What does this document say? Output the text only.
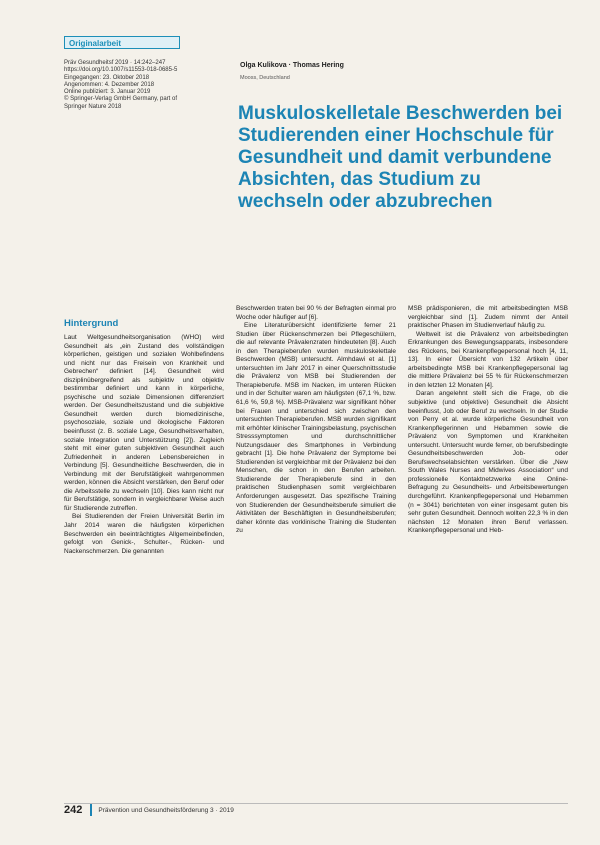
Originalarbeit
Präv Gesundheitsf 2019 · 14:242–247
https://doi.org/10.1007/s11553-018-0685-5
Eingegangen: 23. Oktober 2018
Angenommen: 4. Dezember 2018
Online publiziert: 3. Januar 2019
© Springer-Verlag GmbH Germany, part of
Springer Nature 2018
Olga Kulikova · Thomas Hering
Mooss, Deutschland
Muskuloskelletale Beschwerden bei Studierenden einer Hochschule für Gesundheit und damit verbundene Absichten, das Studium zu wechseln oder abzubrechen
Hintergrund

Laut Weltgesundheitsorganisation (WHO) wird Gesundheit als „ein Zustand des vollständigen körperlichen, geistigen und sozialen Wohlbefindens und nicht nur das Freisein von Krankheit und Gebrechen“ definiert [14]. Gesundheit wird disziplinübergreifend als subjektiv und objektiv bestimmbar definiert und kann in körperliche, psychische und soziale Dimensionen differenziert werden. Der Gesundheitszustand und die subjektive Gesundheit werden durch biomedizinische, psychosoziale, soziale und ökologische Faktoren beeinflusst (z. B. soziale Lage, Gesundheitsverhalten, soziale Integration und Unterstützung [2]). Zugleich steht mit einer guten subjektiven Gesundheit auch Zufriedenheit in anderen Lebensbereichen in Verbindung [5]. Gesundheitliche Beschwerden, die in Verbindung mit der Berufstätigkeit wahrgenommen werden, können die Absicht verstärken, den Beruf oder die Arbeitsstelle zu wechseln [10]. Dies kann nicht nur für Berufstätige, sondern in vergleichbarer Weise auch für Studierende zutreffen.

Bei Studierenden der Freien Universität Berlin im Jahr 2014 waren die häufigsten körperlichen Beschwerden ein beeinträchtigtes Allgemeinbefinden, gefolgt von Genick-, Schulter-, Rücken- und Nackenschmerzen. Die genannten

Beschwerden traten bei 90 % der Befragten einmal pro Woche oder häufiger auf [6].

Eine Literaturübersicht identifizierte ferner 21 Studien über Rückenschmerzen bei Pflegeschülern, die auf relevante Prävalenzraten hindeuteten [8]. Auch in den Therapieberufen wurden muskuloskelettale Beschwerden (MSB) untersucht. Almhdawi et al. [1] untersuchten im Jahr 2017 in einer Querschnittsstudie die Prävalenz von MSB bei Studierenden der Therapieberufe. MSB im Nacken, im unteren Rücken und in der Schulter waren am häufigsten (67,1 %, bzw. 61,6 %, 59,8 %). MSB-Prävalenz war signifikant höher bei Frauen und unterschied sich zwischen den untersuchten Therapieberufen. MSB wurden signifikant mit erhöhter klinischer Trainingsbelastung, psychischen Stresssymptomen und durchschnittlicher Nutzungsdauer des Smartphones in Verbindung gebracht [1]. Die hohe Prävalenz der Symptome bei Studierenden ist vergleichbar mit der Prävalenz bei den Menschen, die schon in den Berufen arbeiten. Studierende der Therapieberufe sind in den praktischen Studienphasen somit vergleichbaren Anforderungen ausgesetzt. Das spezifische Training von Studierenden der Gesundheitsberufe simuliert die Aktivitäten der Beschäftigten in Gesundheitsberufen; daher könnte das vorklinische Training die Studenten zu

MSB prädisponieren, die mit arbeitsbedingten MSB vergleichbar sind [1]. Zudem nimmt der Anteil praktischer Phasen im Studienverlauf häufig zu.

Weltweit ist die Prävalenz von arbeitsbedingten Erkrankungen des Bewegungsapparats, insbesondere des Rückens, bei Krankenpflegepersonal hoch [4, 11, 13]. In einer Übersicht von 132 Artikeln über arbeitsbedingte MSB bei Krankenpflegepersonal lag die mittlere Prävalenz bei 55 % für Rückenschmerzen in den letzten 12 Monaten [4].

Daran angelehnt stellt sich die Frage, ob die subjektive (und objektive) Gesundheit die Absicht beeinflusst, Job oder Beruf zu wechseln. In der Studie von Perry et al. wurde körperliche Gesundheit von Krankenpflegerinnen und Hebammen sowie die Prävalenz von Symptomen und Krankheiten untersucht. Untersucht wurde ferner, ob berufsbedingte Gesundheitsbeschwerden Job- oder Berufswechselabsichten verstärken. Über die „New South Wales Nurses and Midwives Association“ und professionelle Kontaktnetzwerke eine Online-Befragung zu Gesundheits- und Arbeitsbewertungen durchgeführt. Krankenpflegepersonal und Hebammen (n = 3041) berichteten von einer insgesamt guten bis sehr guten Gesundheit. Dennoch wollten 22,3 % in den nächsten 12 Monaten ihren Beruf verlassen. Krankenpflegepersonal und Heb-

242 Prävention und Gesundheitsförderung 3 · 2019
